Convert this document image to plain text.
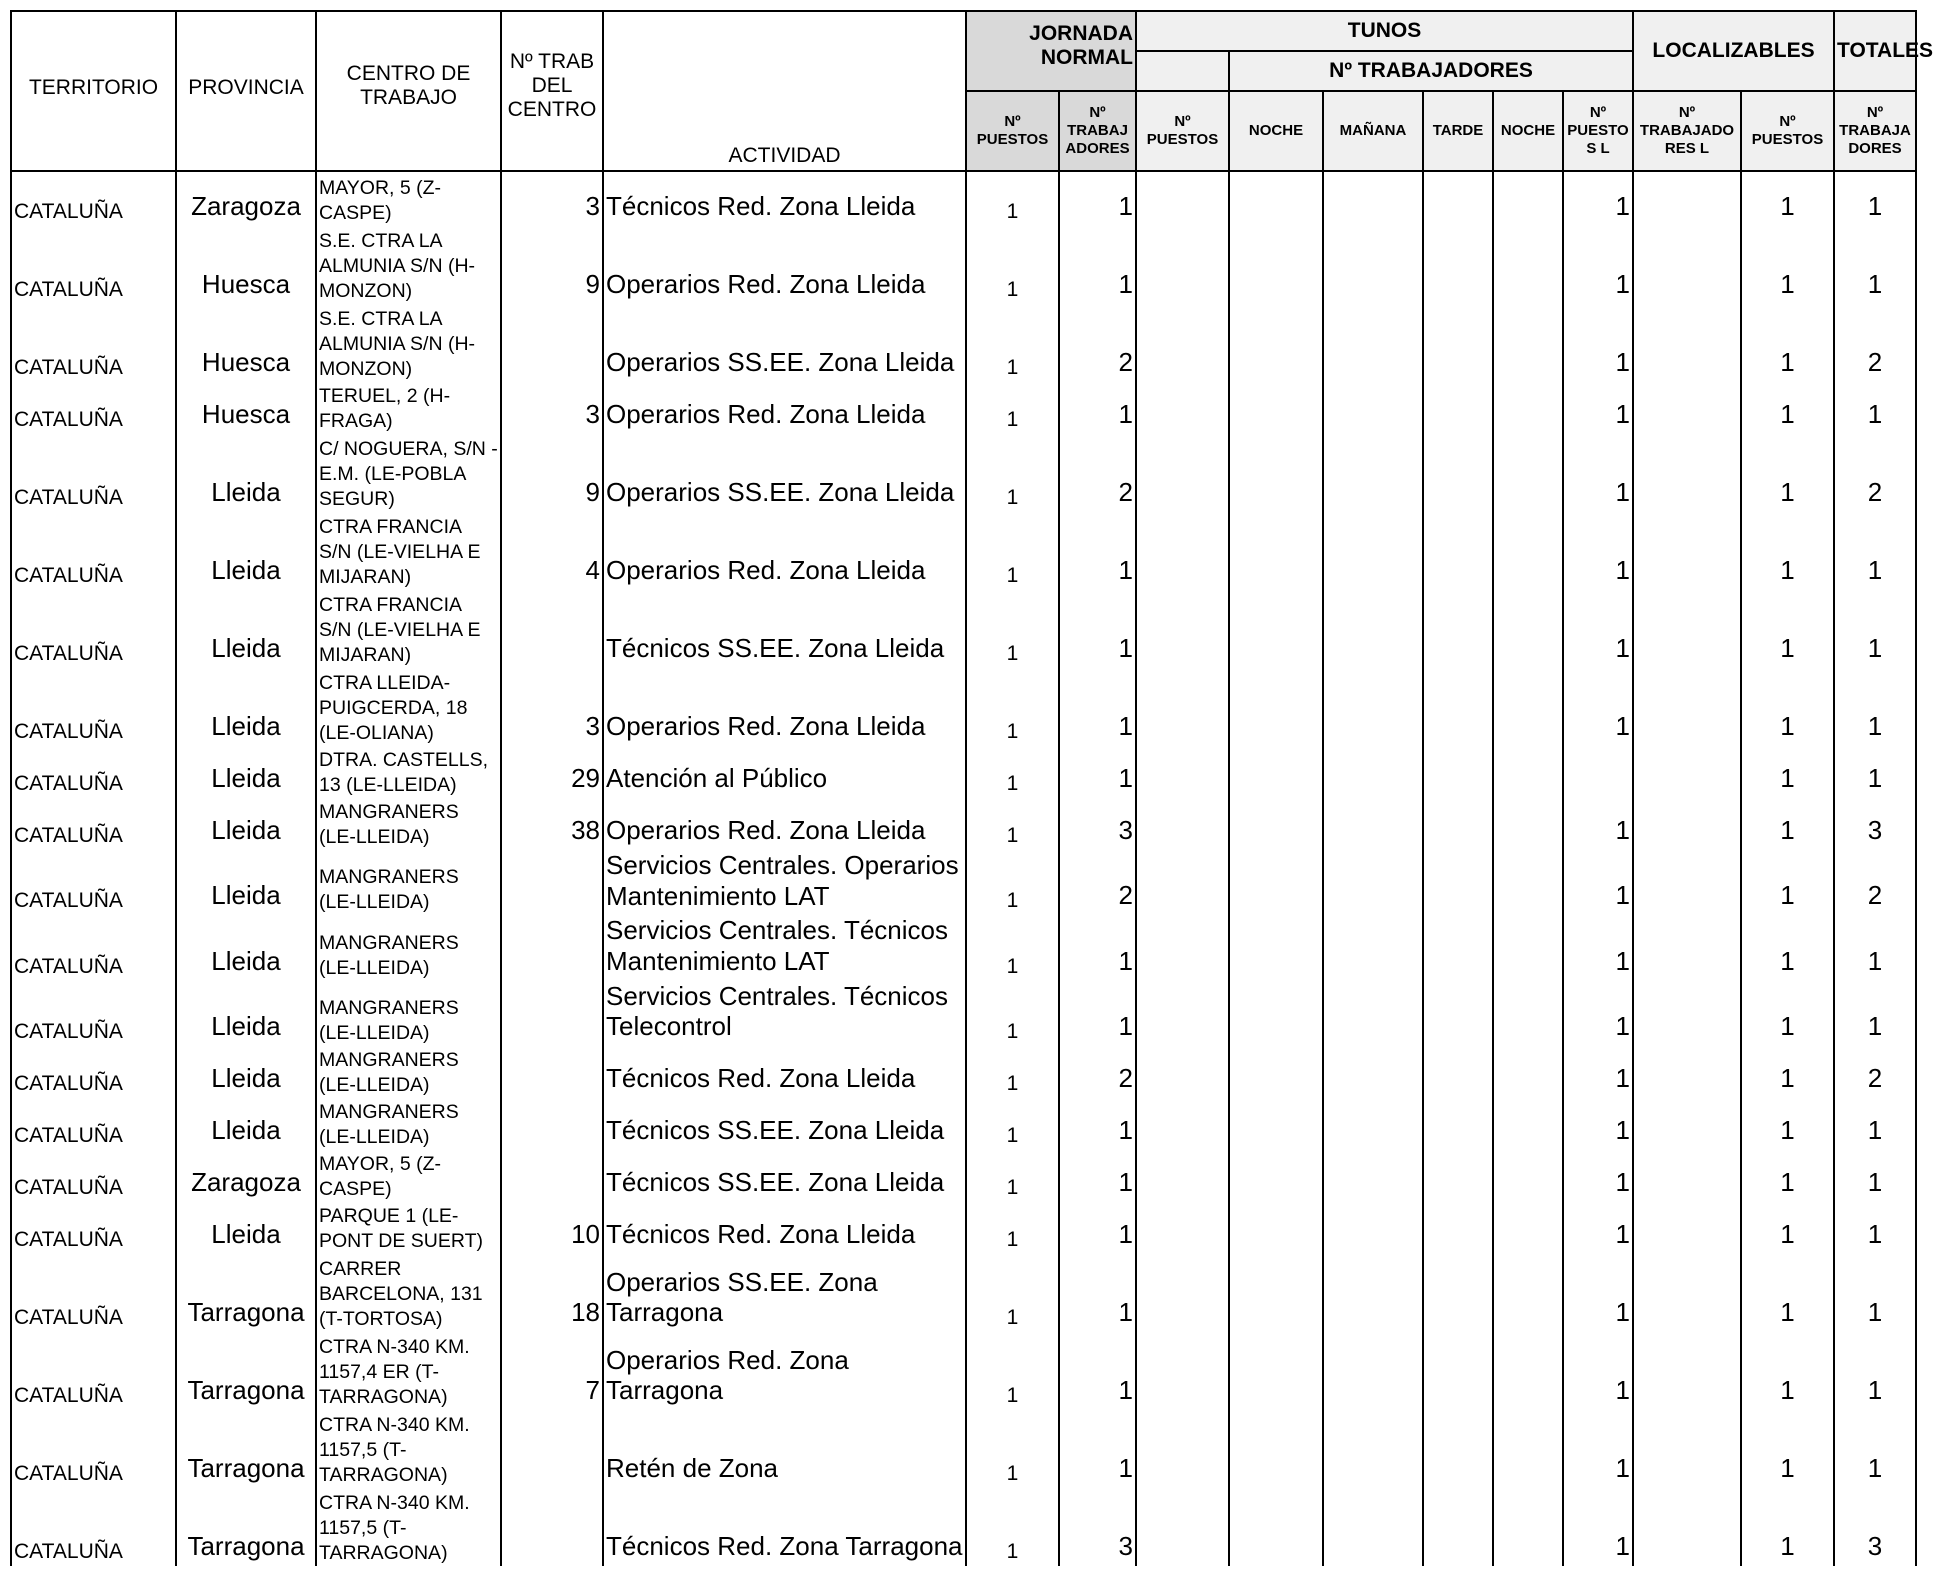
TERRITORIO	PROVINCIA	CENTRO DE TRABAJO	Nº TRAB DEL CENTRO	ACTIVIDAD	JORNADA NORMAL		TUNOS						LOCALIZABLES		TOTALES
								Nº TRABAJADORES							
					Nº PUESTOS	Nº TRABAJ ADORES	Nº PUESTOS	NOCHE	MAÑANA	TARDE	NOCHE	Nº PUESTO S L	Nº TRABAJADO RES L	Nº PUESTOS	Nº TRABAJA DORES
CATALUÑA	Zaragoza	MAYOR, 5 (Z-CASPE)	3	Técnicos Red. Zona Lleida	1	1						1		1	1
CATALUÑA	Huesca	S.E. CTRA LA ALMUNIA S/N (H-MONZON)	9	Operarios Red. Zona Lleida	1	1						1		1	1
CATALUÑA	Huesca	S.E. CTRA LA ALMUNIA S/N (H-MONZON)		Operarios SS.EE. Zona Lleida	1	2						1		1	2
CATALUÑA	Huesca	TERUEL, 2 (H-FRAGA)	3	Operarios Red. Zona Lleida	1	1						1		1	1
CATALUÑA	Lleida	C/ NOGUERA, S/N - E.M. (LE-POBLA SEGUR)	9	Operarios SS.EE. Zona Lleida	1	2						1		1	2
CATALUÑA	Lleida	CTRA FRANCIA S/N (LE-VIELHA E MIJARAN)	4	Operarios Red. Zona Lleida	1	1						1		1	1
CATALUÑA	Lleida	CTRA FRANCIA S/N (LE-VIELHA E MIJARAN)		Técnicos SS.EE. Zona Lleida	1	1						1		1	1
CATALUÑA	Lleida	CTRA LLEIDA-PUIGCERDA, 18 (LE-OLIANA)	3	Operarios Red. Zona Lleida	1	1						1		1	1
CATALUÑA	Lleida	DTRA. CASTELLS, 13 (LE-LLEIDA)	29	Atención al Público	1	1								1	1
CATALUÑA	Lleida	MANGRANERS (LE-LLEIDA)	38	Operarios Red. Zona Lleida	1	3						1		1	3
CATALUÑA	Lleida	MANGRANERS (LE-LLEIDA)		Servicios Centrales. Operarios Mantenimiento LAT	1	2						1		1	2
CATALUÑA	Lleida	MANGRANERS (LE-LLEIDA)		Servicios Centrales. Técnicos Mantenimiento LAT	1	1						1		1	1
CATALUÑA	Lleida	MANGRANERS (LE-LLEIDA)		Servicios Centrales. Técnicos Telecontrol	1	1						1		1	1
CATALUÑA	Lleida	MANGRANERS (LE-LLEIDA)		Técnicos Red. Zona Lleida	1	2						1		1	2
CATALUÑA	Lleida	MANGRANERS (LE-LLEIDA)		Técnicos SS.EE. Zona Lleida	1	1						1		1	1
CATALUÑA	Zaragoza	MAYOR, 5 (Z-CASPE)		Técnicos SS.EE. Zona Lleida	1	1						1		1	1
CATALUÑA	Lleida	PARQUE 1 (LE-PONT DE SUERT)	10	Técnicos Red. Zona Lleida	1	1						1		1	1
CATALUÑA	Tarragona	CARRER BARCELONA, 131 (T-TORTOSA)	18	Operarios SS.EE. Zona Tarragona	1	1						1		1	1
CATALUÑA	Tarragona	CTRA N-340 KM. 1157,4 ER (T-TARRAGONA)	7	Operarios Red. Zona Tarragona	1	1						1		1	1
CATALUÑA	Tarragona	CTRA N-340 KM. 1157,5 (T-TARRAGONA)		Retén de Zona	1	1						1		1	1
CATALUÑA	Tarragona	CTRA N-340 KM. 1157,5 (T-TARRAGONA)		Técnicos Red. Zona Tarragona	1	3						1		1	3
